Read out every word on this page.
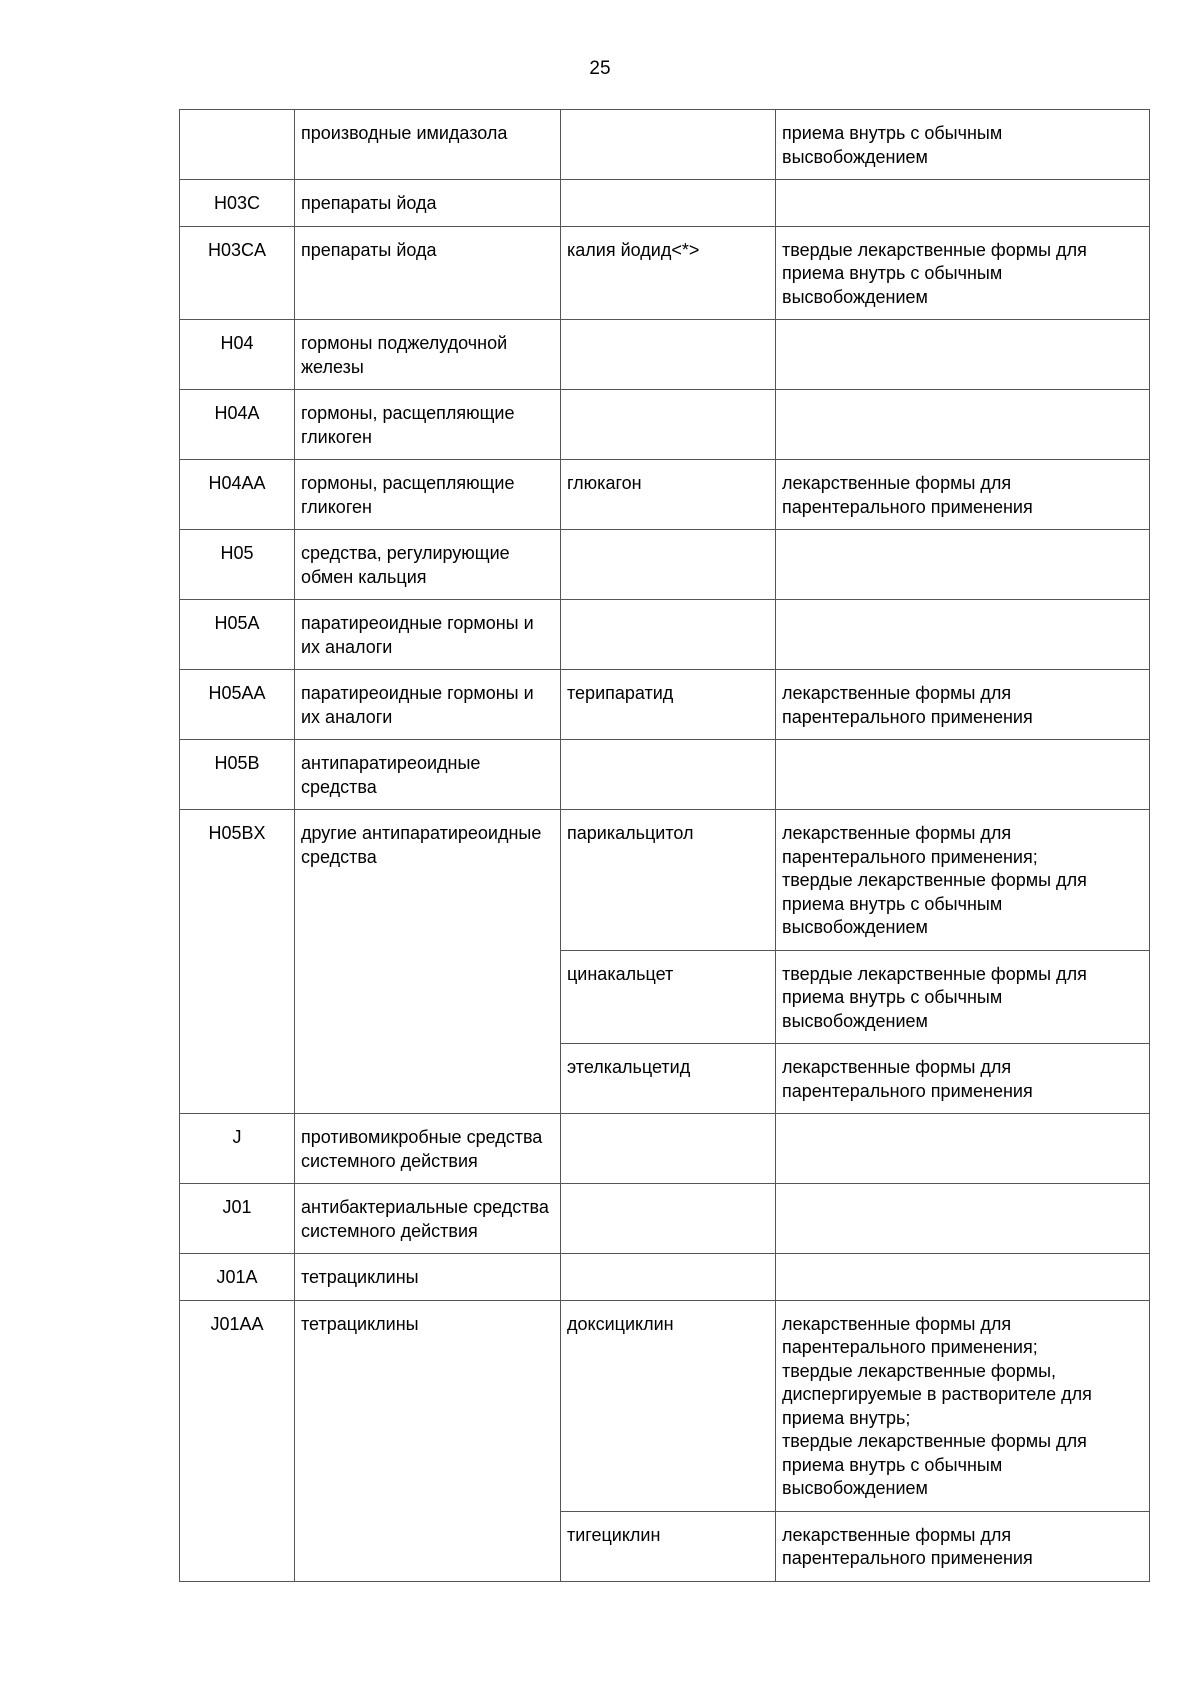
25
	производные имидазола		приема внутрь с обычным высвобождением
H03C	препараты йода		
H03CA	препараты йода	калия йодид<*>	твердые лекарственные формы для приема внутрь с обычным высвобождением
H04	гормоны поджелудочной железы		
H04A	гормоны, расщепляющие гликоген		
H04AA	гормоны, расщепляющие гликоген	глюкагон	лекарственные формы для парентерального применения
H05	средства, регулирующие обмен кальция		
H05A	паратиреоидные гормоны и их аналоги		
H05AA	паратиреоидные гормоны и их аналоги	терипаратид	лекарственные формы для парентерального применения
H05B	антипаратиреоидные средства		
H05BX	другие антипаратиреоидные средства	парикальцитол	лекарственные формы для парентерального применения;
твердые лекарственные формы для приема внутрь с обычным высвобождением
		цинакальцет	твердые лекарственные формы для приема внутрь с обычным высвобождением
		этелкальцетид	лекарственные формы для парентерального применения
J	противомикробные средства системного действия		
J01	антибактериальные средства системного действия		
J01A	тетрациклины		
J01AA	тетрациклины	доксициклин	лекарственные формы для парентерального применения;
твердые лекарственные формы, диспергируемые в растворителе для приема внутрь;
твердые лекарственные формы для приема внутрь с обычным высвобождением
		тигециклин	лекарственные формы для парентерального применения
